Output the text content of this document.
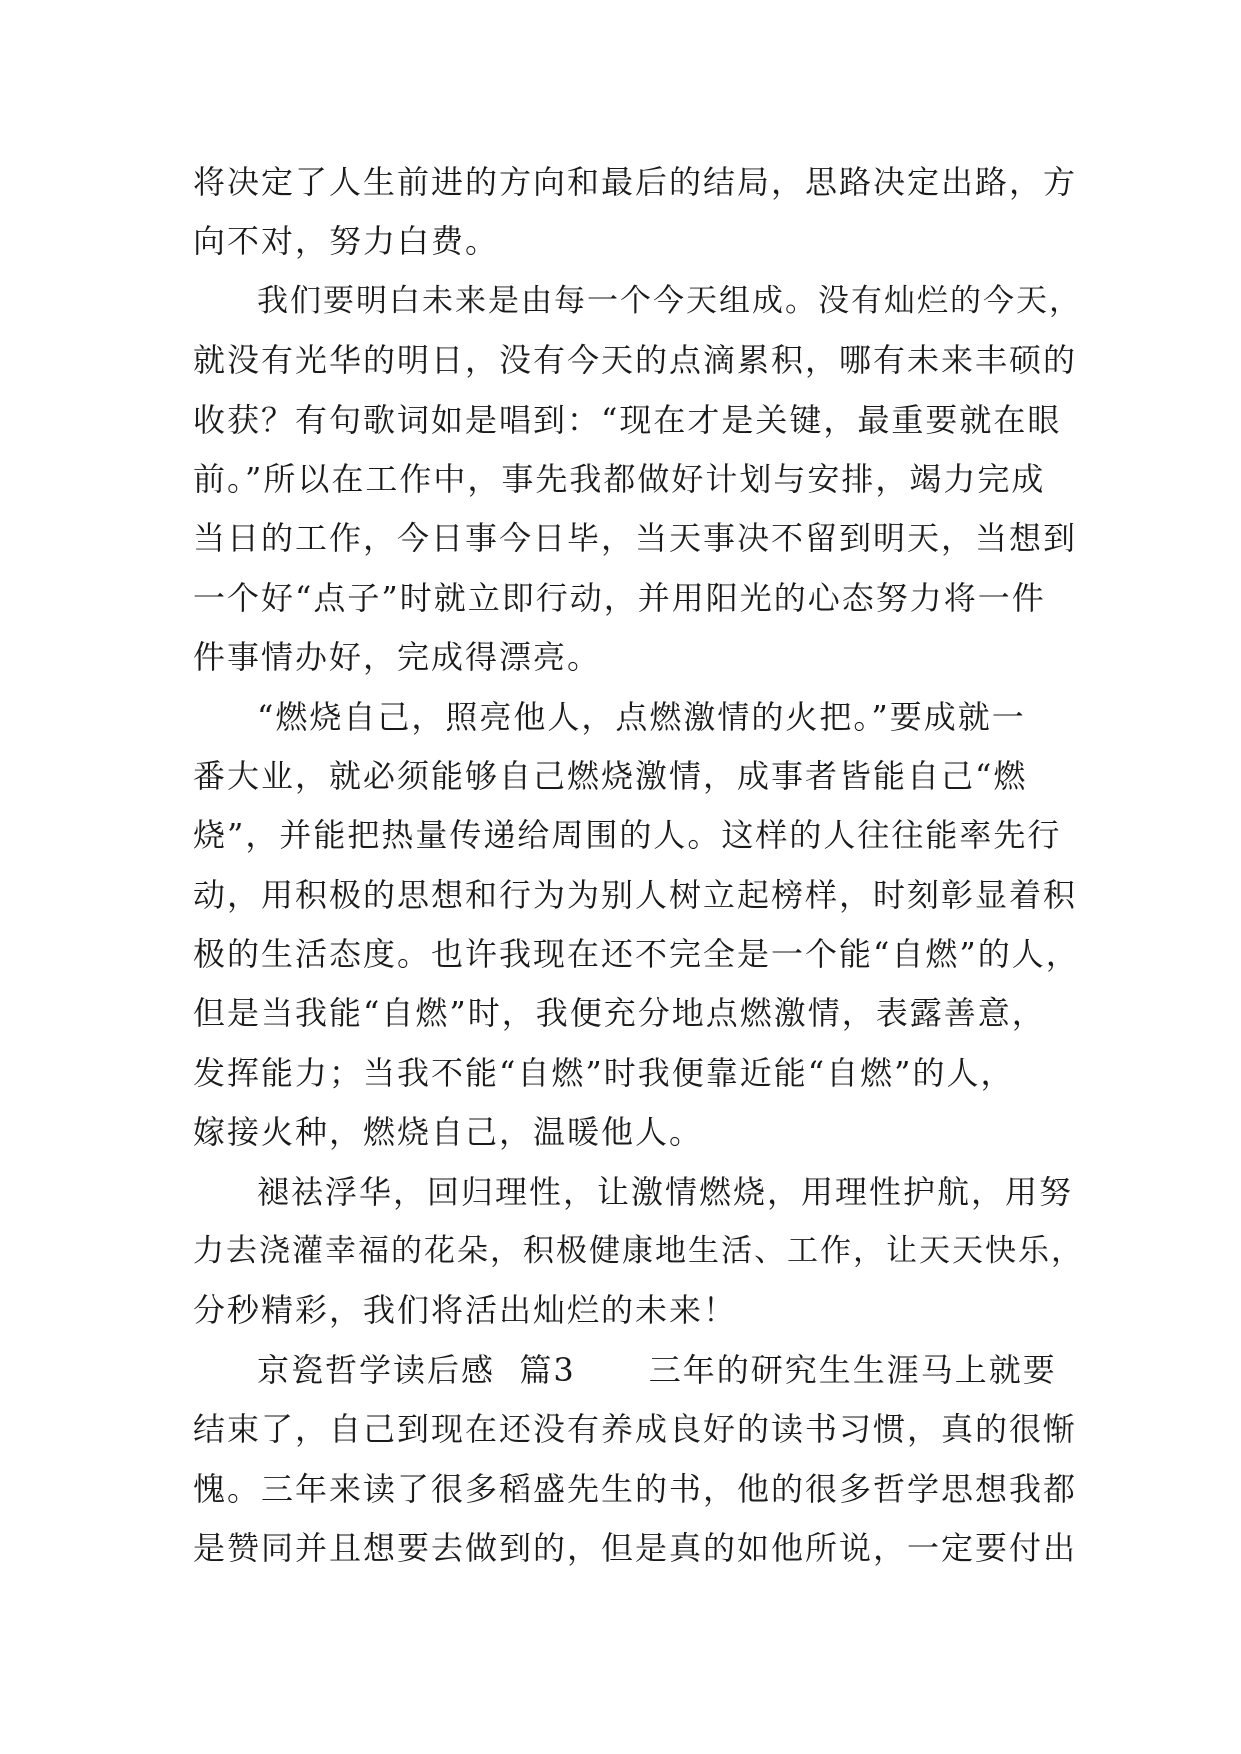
将决定了人生前进的方向和最后的结局，思路决定出路，方
向不对，努力白费。
我们要明白未来是由每一个今天组成。没有灿烂的今天，
就没有光华的明日，没有今天的点滴累积，哪有未来丰硕的
收获？有句歌词如是唱到：“现在才是关键，最重要就在眼
前。”所以在工作中，事先我都做好计划与安排，竭力完成
当日的工作，今日事今日毕，当天事决不留到明天，当想到
一个好“点子”时就立即行动，并用阳光的心态努力将一件
件事情办好，完成得漂亮。
“燃烧自己，照亮他人，点燃激情的火把。”要成就一
番大业，就必须能够自己燃烧激情，成事者皆能自己“燃
烧”，并能把热量传递给周围的人。这样的人往往能率先行
动，用积极的思想和行为为别人树立起榜样，时刻彰显着积
极的生活态度。也许我现在还不完全是一个能“自燃”的人，
但是当我能“自燃”时，我便充分地点燃激情，表露善意，
发挥能力；当我不能“自燃”时我便靠近能“自燃”的人，
嫁接火种，燃烧自己，温暖他人。
褪祛浮华，回归理性，让激情燃烧，用理性护航，用努
力去浇灌幸福的花朵，积极健康地生活、工作，让天天快乐，
分秒精彩，我们将活出灿烂的未来！
京瓷哲学读后感  篇3      三年的研究生生涯马上就要
结束了，自己到现在还没有养成良好的读书习惯，真的很惭
愧。三年来读了很多稻盛先生的书，他的很多哲学思想我都
是赞同并且想要去做到的，但是真的如他所说，一定要付出
